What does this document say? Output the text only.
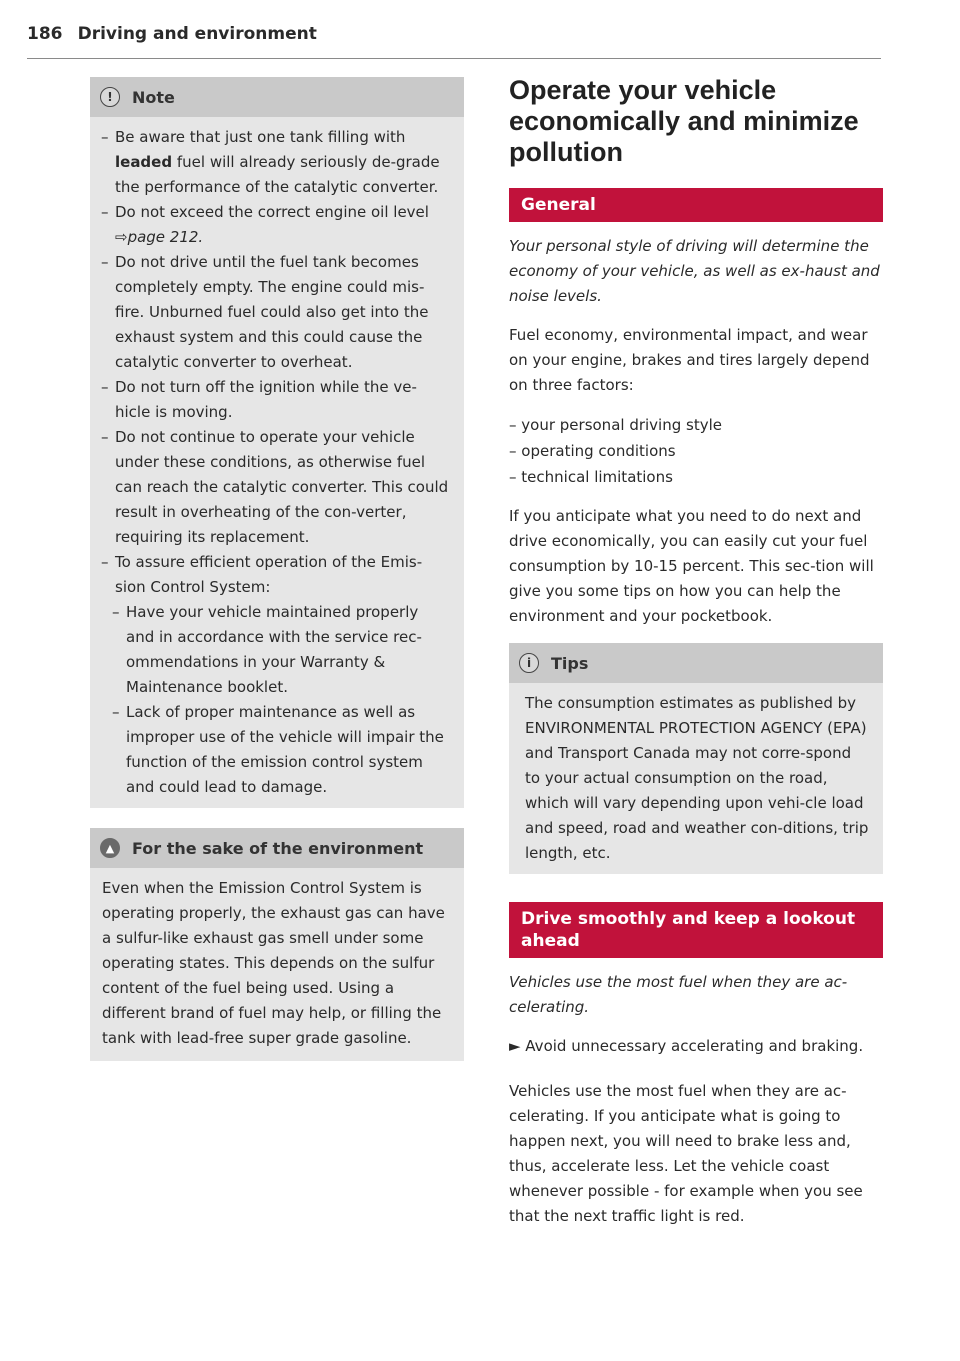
186 Driving and environment
!	Note
– Be aware that just one tank filling with leaded fuel will already seriously de-grade the performance of the catalytic converter.
– Do not exceed the correct engine oil level
⇨page 212.
– Do not drive until the fuel tank becomes completely empty. The engine could mis-fire. Unburned fuel could also get into the exhaust system and this could cause the catalytic converter to overheat.
– Do not turn off the ignition while the ve-hicle is moving.
– Do not continue to operate your vehicle under these conditions, as otherwise fuel can reach the catalytic converter. This could result in overheating of the con-verter, requiring its replacement.
– To assure efficient operation of the Emis-sion Control System:
– Have your vehicle maintained properly and in accordance with the service rec-ommendations in your Warranty & Maintenance booklet.
– Lack of proper maintenance as well as improper use of the vehicle will impair the function of the emission control system and could lead to damage.
▲	For the sake of the environment
Even when the Emission Control System is operating properly, the exhaust gas can have a sulfur-like exhaust gas smell under some operating states. This depends on the sulfur content of the fuel being used. Using a different brand of fuel may help, or filling the tank with lead-free super grade gasoline.
Operate your vehicle economically and minimize pollution
General
Your personal style of driving will determine the economy of your vehicle, as well as ex-haust and noise levels.

Fuel economy, environmental impact, and wear on your engine, brakes and tires largely depend on three factors:

– your personal driving style
– operating conditions
– technical limitations

If you anticipate what you need to do next and drive economically, you can easily cut your fuel consumption by 10-15 percent. This sec-tion will give you some tips on how you can help the environment and your pocketbook.

i	Tips
The consumption estimates as published by ENVIRONMENTAL PROTECTION AGENCY (EPA) and Transport Canada may not corre-spond to your actual consumption on the road, which will vary depending upon vehi-cle load and speed, road and weather con-ditions, trip length, etc.
Drive smoothly and keep a lookout ahead
Vehicles use the most fuel when they are ac-celerating.
► Avoid unnecessary accelerating and braking.

Vehicles use the most fuel when they are ac-celerating. If you anticipate what is going to happen next, you will need to brake less and, thus, accelerate less. Let the vehicle coast whenever possible - for example when you see that the next traffic light is red.
